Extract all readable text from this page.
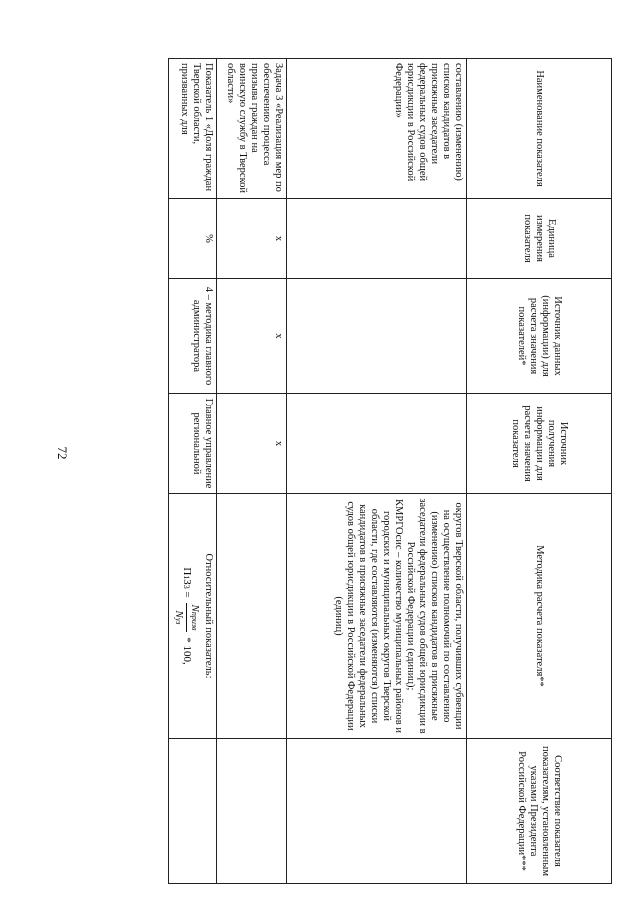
72
Наименование показателя	Единица измерения показателя	Источник данных (информации) для расчета значения показателей*	Источник получения информации для расчета значения показателя	Методика расчета показателя**	Соответствие показателя показателям, установленным указами Президента Российской Федерации***
составлению (изменению) списков кандидатов в присяжные заседатели федеральных судов общей юрисдикции в Российской Федерации»				округов Тверской области, получивших субвенции на осуществление полномочий по составлению (изменению) списков кандидатов в присяжные заседатели федеральных судов общей юрисдикции в Российской Федерации (единиц);
КМРГОсис – количество муниципальных районов и городских и муниципальных округов Тверской области, где составляются (изменяются) списки кандидатов в присяжные заседатели федеральных судов общей юрисдикции в Российской Федерации (единиц)	

Задача 3 «Реализация мер по обеспечению процесса призыва граждан на воинскую службу в Тверской области»	х	х	х		
Показатель 1 «Доля граждан Тверской области, призванных для	%	4 – методика главного администратора	Главное управление региональной	Относительный показатель:
П1З3 =
Nпризв
Nуз
* 100,	
